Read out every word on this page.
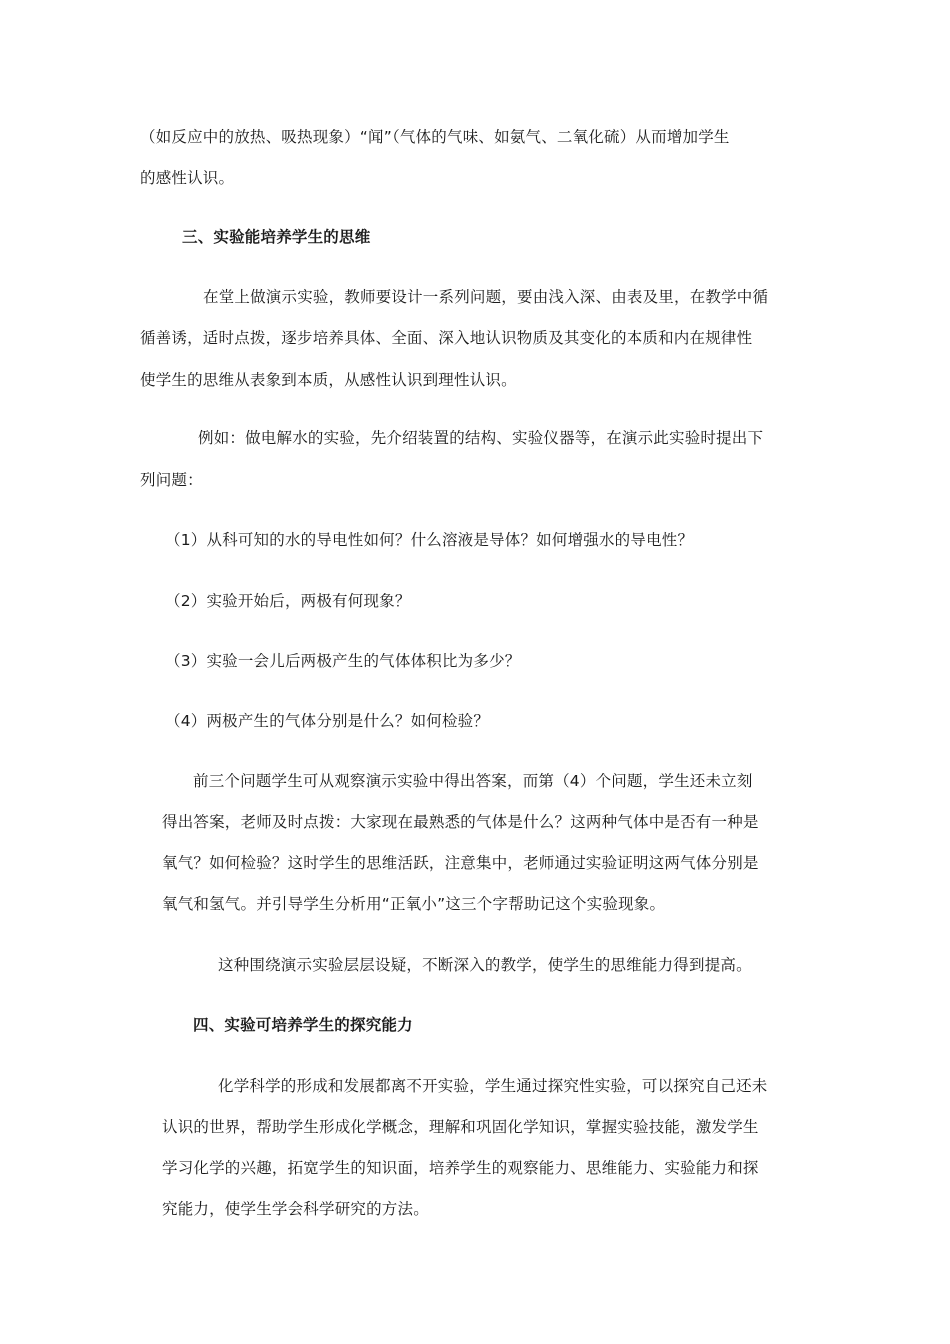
（如反应中的放热、吸热现象）“闻”（气体的气味、如氨气、二氧化硫）从而增加学生
的感性认识。
三、实验能培养学生的思维
在堂上做演示实验，教师要设计一系列问题，要由浅入深、由表及里，在教学中循
循善诱，适时点拨，逐步培养具体、全面、深入地认识物质及其变化的本质和内在规律性
使学生的思维从表象到本质，从感性认识到理性认识。
例如：做电解水的实验，先介绍装置的结构、实验仪器等，在演示此实验时提出下
列问题：
（1）从科可知的水的导电性如何？什么溶液是导体？如何增强水的导电性？
（2）实验开始后，两极有何现象？
（3）实验一会儿后两极产生的气体体积比为多少？
（4）两极产生的气体分别是什么？如何检验？
前三个问题学生可从观察演示实验中得出答案，而第（4）个问题，学生还未立刻
得出答案，老师及时点拨：大家现在最熟悉的气体是什么？这两种气体中是否有一种是
氧气？如何检验？这时学生的思维活跃，注意集中，老师通过实验证明这两气体分别是
氧气和氢气。并引导学生分析用“正氧小”这三个字帮助记这个实验现象。
这种围绕演示实验层层设疑，不断深入的教学，使学生的思维能力得到提高。
四、实验可培养学生的探究能力
化学科学的形成和发展都离不开实验，学生通过探究性实验，可以探究自己还未
认识的世界，帮助学生形成化学概念，理解和巩固化学知识，掌握实验技能，激发学生
学习化学的兴趣，拓宽学生的知识面，培养学生的观察能力、思维能力、实验能力和探
究能力，使学生学会科学研究的方法。
